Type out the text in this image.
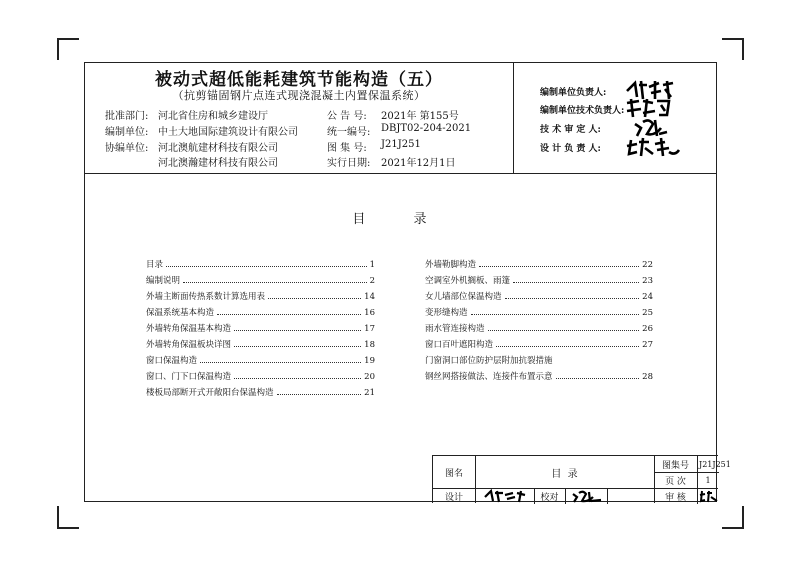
被动式超低能耗建筑节能构造（五）
（抗剪锚固钢片点连式现浇混凝土内置保温系统）
批准部门: 河北省住房和城乡建设厅
编制单位: 中土大地国际建筑设计有限公司
协编单位: 河北澳航建材科技有限公司
河北澳瀚建材科技有限公司
公 告 号: 2021年 第155号
统一编号: DBJT02-204-2021
图 集 号: J21J251
实行日期: 2021年12月1日
编制单位负责人:
编制单位技术负责人:
技 术 审 定 人:
设 计 负 责 人:
目 录
目录	1
编制说明	2
外墙主断面传热系数计算选用表	14
保温系统基本构造	16
外墙转角保温基本构造	17
外墙转角保温板块详图	18
窗口保温构造	19
窗口、门下口保温构造	20
楼板局部断开式开敞阳台保温构造	21
外墙勒脚构造	22
空调室外机搁板、雨篷	23
女儿墙部位保温构造	24
变形缝构造	25
雨水管连接构造	26
窗口百叶遮阳构造	27
门窗洞口部位防护层附加抗裂措施
钢丝网搭接做法、连接件布置示意	28
图名	目  录
图集号	J21J251
页 次	1
设计	校对	审 核
